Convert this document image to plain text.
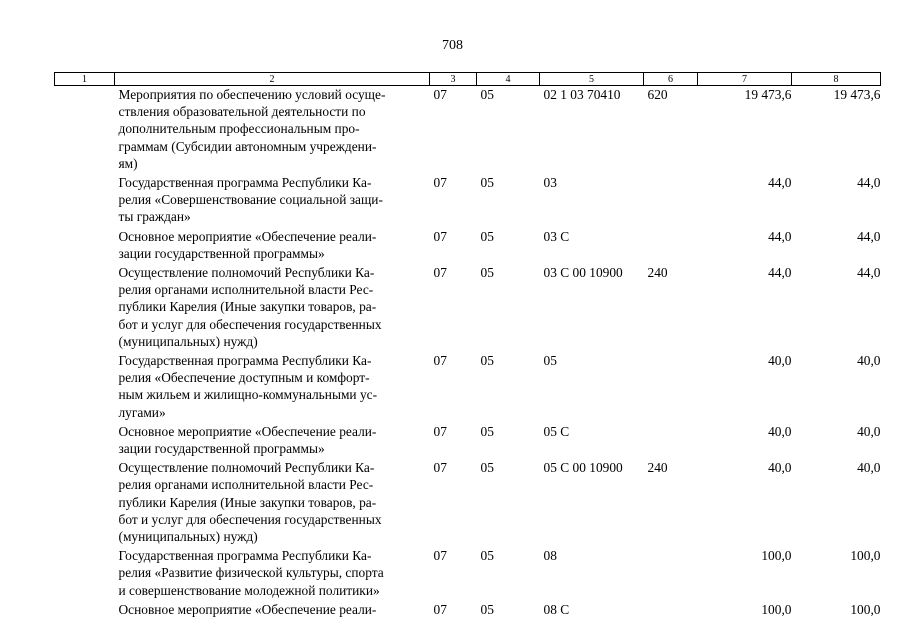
708
1	2	3	4	5	6	7	8
	Мероприятия по обеспечению условий осуще-
ствления образовательной деятельности по
дополнительным профессиональным про-
граммам (Субсидии автономным учреждени-
ям)	07	05	02 1 03 70410	620	19 473,6	19 473,6
	Государственная программа Республики Ка-
релия «Совершенствование социальной защи-
ты граждан»	07	05	03		44,0	44,0
	Основное мероприятие «Обеспечение реали-
зации государственной программы»	07	05	03 С		44,0	44,0
	Осуществление полномочий Республики Ка-
релия органами исполнительной власти Рес-
публики Карелия (Иные закупки товаров, ра-
бот и услуг для обеспечения государственных
(муниципальных) нужд)	07	05	03 С 00 10900	240	44,0	44,0
	Государственная программа Республики Ка-
релия «Обеспечение доступным и комфорт-
ным жильем и жилищно-коммунальными ус-
лугами»	07	05	05		40,0	40,0
	Основное мероприятие «Обеспечение реали-
зации государственной программы»	07	05	05 С		40,0	40,0
	Осуществление полномочий Республики Ка-
релия органами исполнительной власти Рес-
публики Карелия (Иные закупки товаров, ра-
бот и услуг для обеспечения государственных
(муниципальных) нужд)	07	05	05 С 00 10900	240	40,0	40,0
	Государственная программа Республики Ка-
релия «Развитие физической культуры, спорта
и совершенствование молодежной политики»	07	05	08		100,0	100,0
	Основное мероприятие «Обеспечение реали-	07	05	08 С		100,0	100,0
